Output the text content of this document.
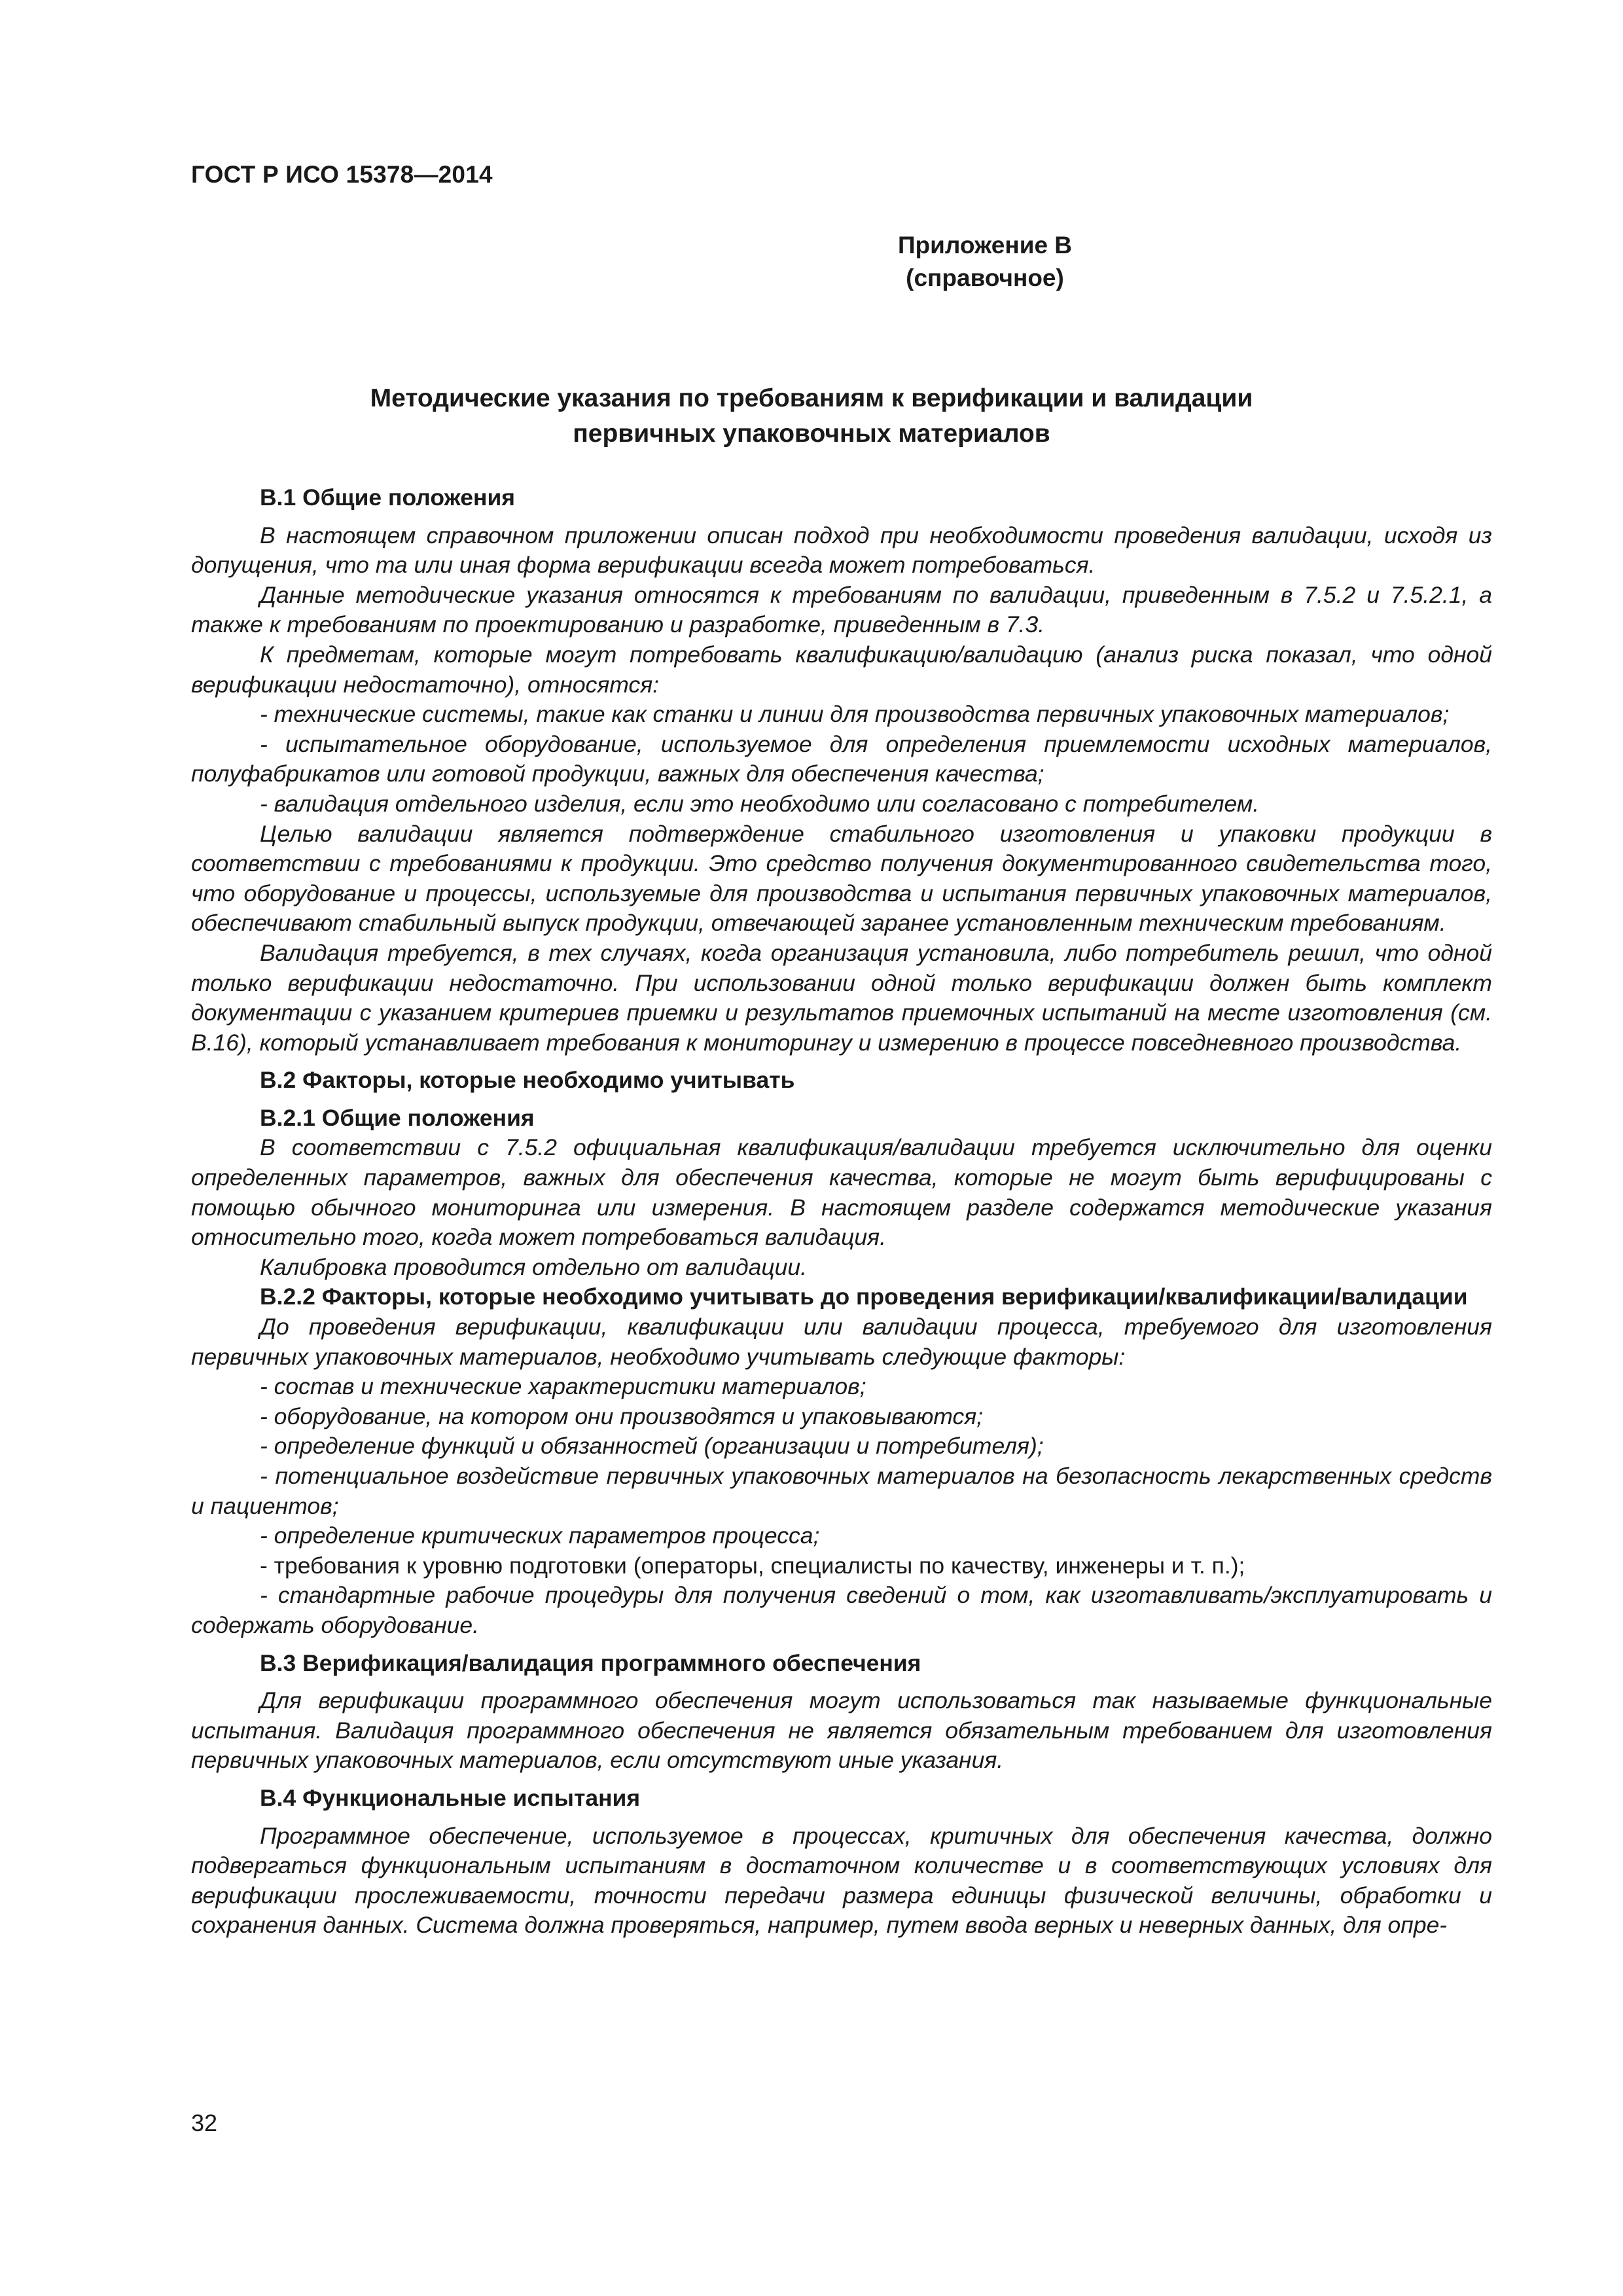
ГОСТ Р ИСО 15378—2014
Приложение В
(справочное)
Методические указания по требованиям к верификации и валидации
первичных упаковочных материалов
В.1 Общие положения

В настоящем справочном приложении описан подход при необходимости проведения валидации, исходя из допущения, что та или иная форма верификации всегда может потребоваться.

Данные методические указания относятся к требованиям по валидации, приведенным в 7.5.2 и 7.5.2.1, а также к требованиям по проектированию и разработке, приведенным в 7.3.

К предметам, которые могут потребовать квалификацию/валидацию (анализ риска показал, что одной верификации недостаточно), относятся:

- технические системы, такие как станки и линии для производства первичных упаковочных материалов;

- испытательное оборудование, используемое для определения приемлемости исходных материалов, полуфабрикатов или готовой продукции, важных для обеспечения качества;

- валидация отдельного изделия, если это необходимо или согласовано с потребителем.

Целью валидации является подтверждение стабильного изготовления и упаковки продукции в соответствии с требованиями к продукции. Это средство получения документированного свидетельства того, что оборудование и процессы, используемые для производства и испытания первичных упаковочных материалов, обеспечивают стабильный выпуск продукции, отвечающей заранее установленным техническим требованиям.

Валидация требуется, в тех случаях, когда организация установила, либо потребитель решил, что одной только верификации недостаточно. При использовании одной только верификации должен быть комплект документации с указанием критериев приемки и результатов приемочных испытаний на месте изготовления (см. В.16), который устанавливает требования к мониторингу и измерению в процессе повседневного производства.

В.2 Факторы, которые необходимо учитывать
В.2.1 Общие положения

В соответствии с 7.5.2 официальная квалификация/валидации требуется исключительно для оценки определенных параметров, важных для обеспечения качества, которые не могут быть верифицированы с помощью обычного мониторинга или измерения. В настоящем разделе содержатся методические указания относительно того, когда может потребоваться валидация.

Калибровка проводится отдельно от валидации.

В.2.2 Факторы, которые необходимо учитывать до проведения верификации/квалификации/валидации

До проведения верификации, квалификации или валидации процесса, требуемого для изготовления первичных упаковочных материалов, необходимо учитывать следующие факторы:

- состав и технические характеристики материалов;

- оборудование, на котором они производятся и упаковываются;

- определение функций и обязанностей (организации и потребителя);

- потенциальное воздействие первичных упаковочных материалов на безопасность лекарственных средств и пациентов;

- определение критических параметров процесса;

- требования к уровню подготовки (операторы, специалисты по качеству, инженеры и т. п.);

- стандартные рабочие процедуры для получения сведений о том, как изготавливать/эксплуатировать и содержать оборудование.

В.3 Верификация/валидация программного обеспечения

Для верификации программного обеспечения могут использоваться так называемые функциональные испытания. Валидация программного обеспечения не является обязательным требованием для изготовления первичных упаковочных материалов, если отсутствуют иные указания.

В.4 Функциональные испытания

Программное обеспечение, используемое в процессах, критичных для обеспечения качества, должно подвергаться функциональным испытаниям в достаточном количестве и в соответствующих условиях для верификации прослеживаемости, точности передачи размера единицы физической величины, обработки и сохранения данных. Система должна проверяться, например, путем ввода верных и неверных данных, для опре-

32
